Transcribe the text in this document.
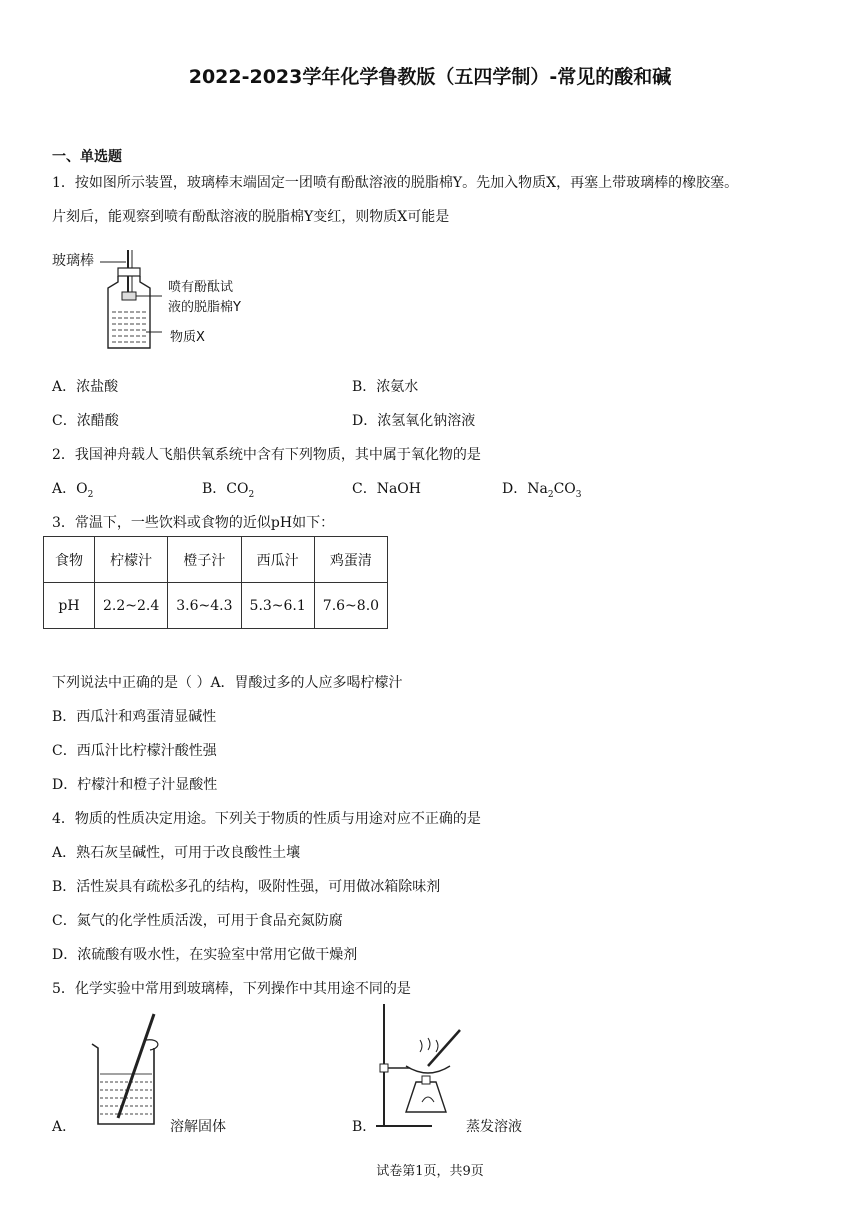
2022-2023学年化学鲁教版（五四学制）-常见的酸和碱
一、单选题
1．按如图所示装置，玻璃棒末端固定一团喷有酚酞溶液的脱脂棉Y。先加入物质X，再塞上带玻璃棒的橡胶塞。
片刻后，能观察到喷有酚酞溶液的脱脂棉Y变红，则物质X可能是
玻璃棒
喷有酚酞试
液的脱脂棉Y
物质X
A．浓盐酸	B．浓氨水
C．浓醋酸	D．浓氢氧化钠溶液
2．我国神舟载人飞船供氧系统中含有下列物质，其中属于氧化物的是
A．$O_2$	B．$CO_2$	C．NaOH	D．$Na_2CO_3$
3．常温下，一些饮料或食物的近似pH如下：
食物	柠檬汁	橙子汁	西瓜汁	鸡蛋清
pH	2.2~2.4	3.6~4.3	5.3~6.1	7.6~8.0
下列说法中正确的是（ ）A．胃酸过多的人应多喝柠檬汁
B．西瓜汁和鸡蛋清显碱性
C．西瓜汁比柠檬汁酸性强
D．柠檬汁和橙子汁显酸性
4．物质的性质决定用途。下列关于物质的性质与用途对应不正确的是
A．熟石灰呈碱性，可用于改良酸性土壤
B．活性炭具有疏松多孔的结构，吸附性强，可用做冰箱除味剂
C．氮气的化学性质活泼，可用于食品充氮防腐
D．浓硫酸有吸水性，在实验室中常用它做干燥剂
5．化学实验中常用到玻璃棒，下列操作中其用途不同的是
A．	溶解固体	B．	蒸发溶液
试卷第1页，共9页
